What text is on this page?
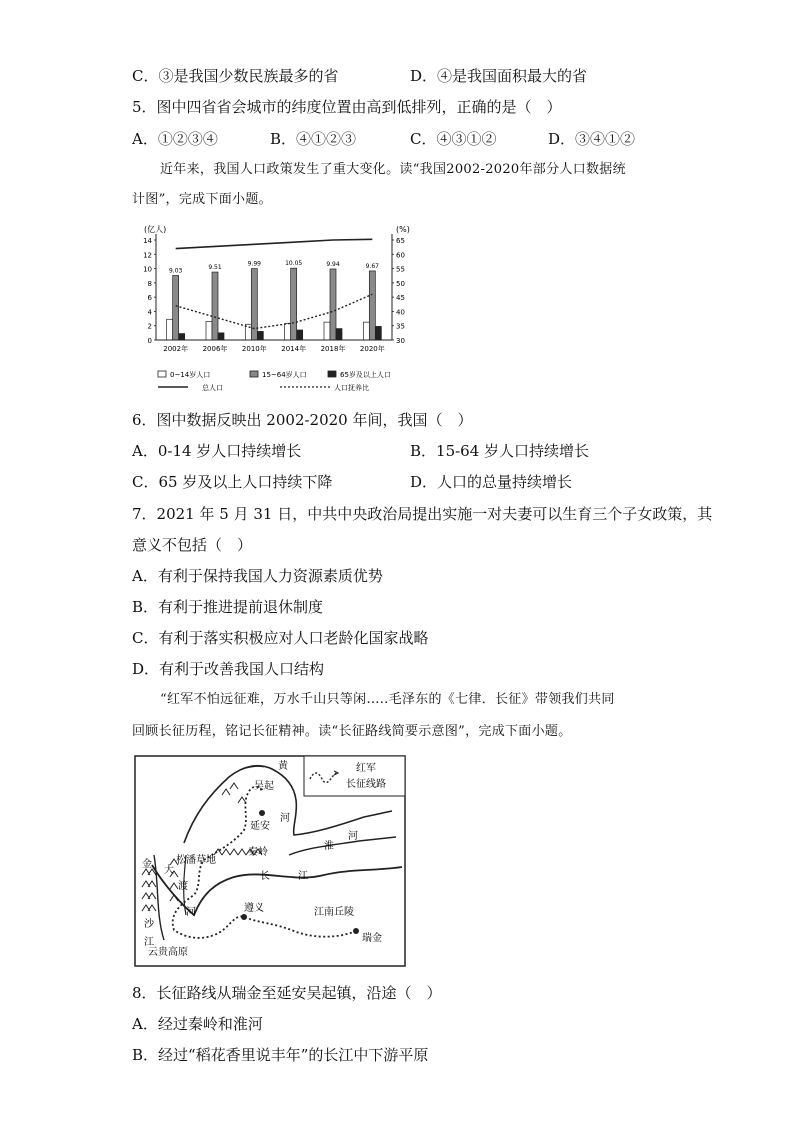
C．③是我国少数民族最多的省	D．④是我国面积最大的省
5．图中四省省会城市的纬度位置由高到低排列，正确的是（　）
A．①②③④	B．④①②③	C．④③①②	D．③④①②
近年来，我国人口政策发生了重大变化。读“我国2002-2020年部分人口数据统
计图”，完成下面小题。
(亿人)	(%)
0
2
4
6
8
10
12
14
30
35
40
45
50
55
60
65
9.03	9.51	9.99	10.05	9.94	9.67
2002年 2006年 2010年 2014年 2018年 2020年
0~14岁人口	15~64岁人口	65岁及以上人口
总人口	人口抚养比
6．图中数据反映出 2002-2020 年间，我国（　）
A．0-14 岁人口持续增长	B．15-64 岁人口持续增长
C．65 岁及以上人口持续下降	D．人口的总量持续增长
7．2021 年 5 月 31 日，中共中央政治局提出实施一对夫妻可以生育三个子女政策，其
意义不包括（　）
A．有利于保持我国人力资源素质优势
B．有利于推进提前退休制度
C．有利于落实积极应对人口老龄化国家战略
D．有利于改善我国人口结构
“红军不怕远征难，万水千山只等闲.....毛泽东的《七律．长征》带领我们共同
回顾长征历程，铭记长征精神。读“长征路线简要示意图”，完成下面小题。
红军
长征线路
黄
河
吴起
延安
秦岭
淮
河
松潘草地
金
大
渡
沙
河
江
长	江
遵义	江南丘陵
云贵高原
瑞金
8．长征路线从瑞金至延安吴起镇，沿途（　）
A．经过秦岭和淮河
B．经过“稻花香里说丰年”的长江中下游平原
